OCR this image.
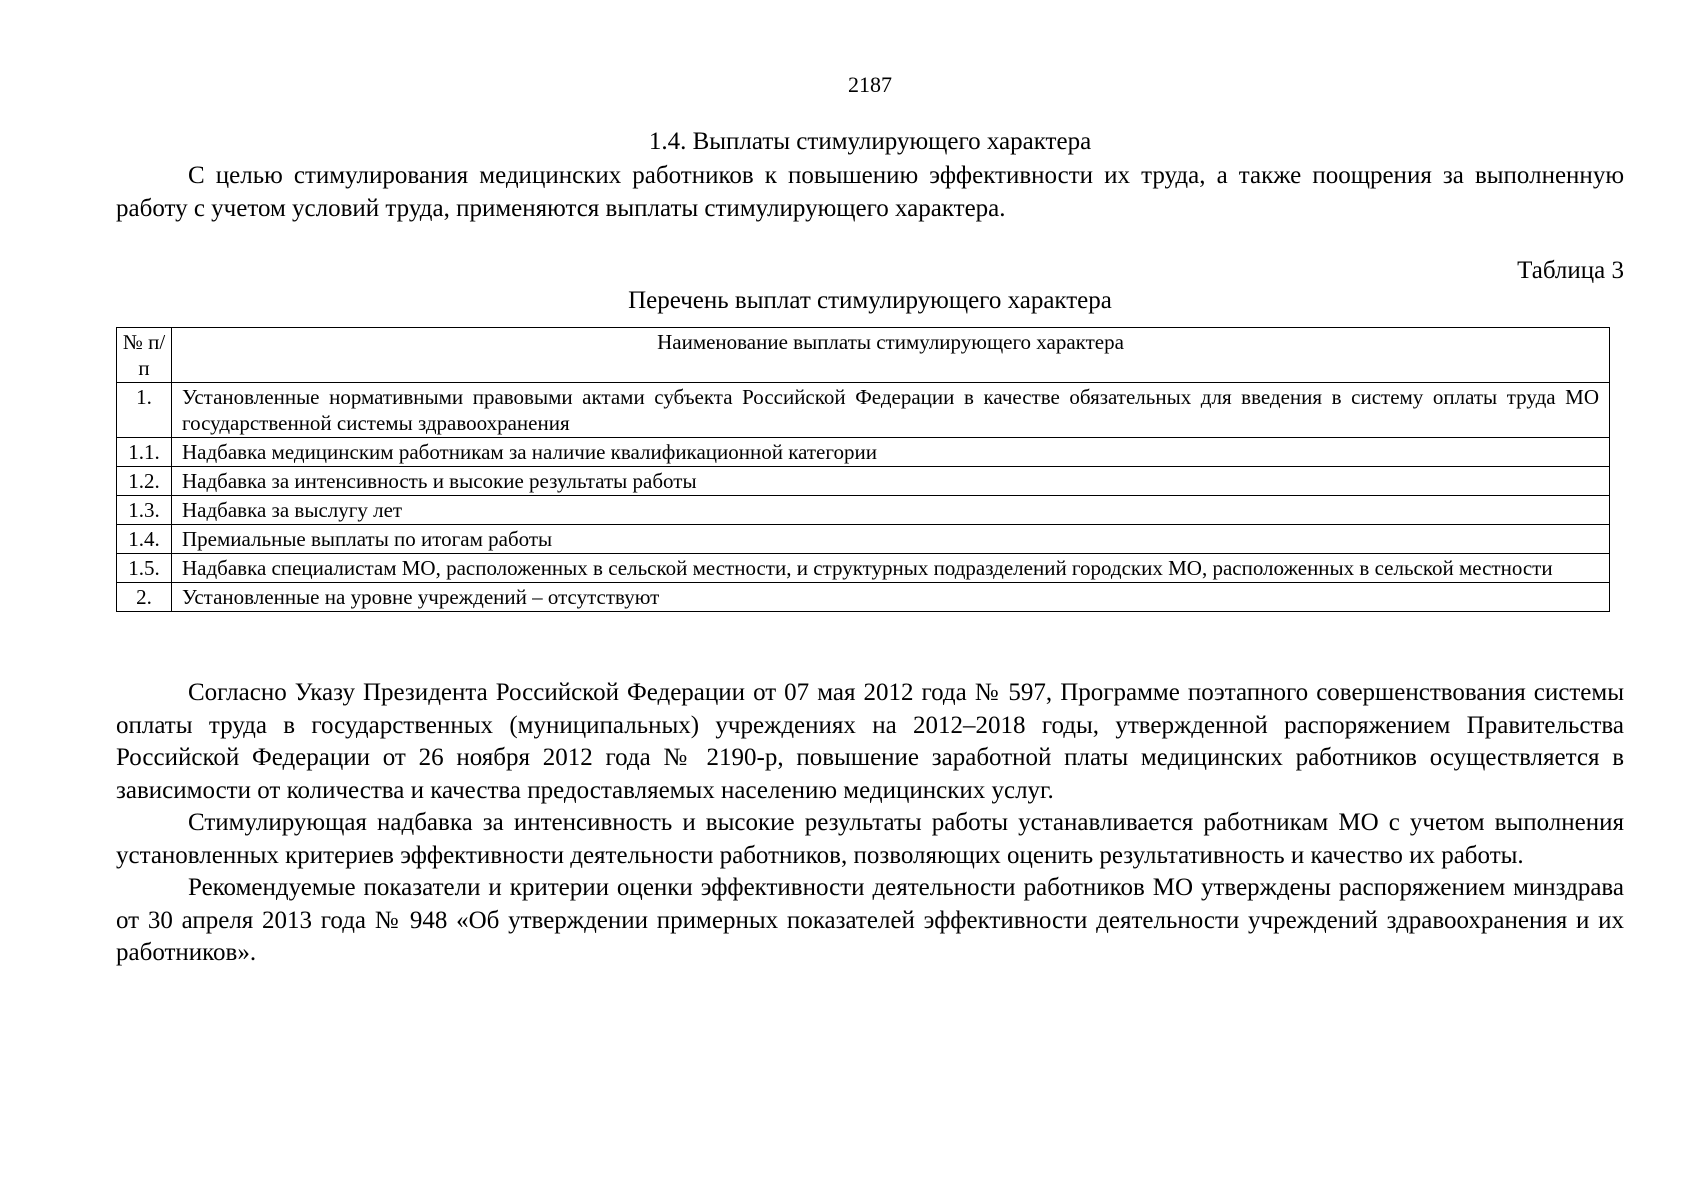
2187
1.4. Выплаты стимулирующего характера

С целью стимулирования медицинских работников к повышению эффективности их труда, а также поощрения за выполненную работу с учетом условий труда, применяются выплаты стимулирующего характера.

Таблица 3
Перечень выплат стимулирующего характера
№ п/п	Наименование выплаты стимулирующего характера
1.	Установленные нормативными правовыми актами субъекта Российской Федерации в качестве обязательных для введения в систему оплаты труда МО государственной системы здравоохранения
1.1.	Надбавка медицинским работникам за наличие квалификационной категории
1.2.	Надбавка за интенсивность и высокие результаты работы
1.3.	Надбавка за выслугу лет
1.4.	Премиальные выплаты по итогам работы
1.5.	Надбавка специалистам МО, расположенных в сельской местности, и структурных подразделений городских МО, расположенных в сельской местности
2.	Установленные на уровне учреждений – отсутствуют

Согласно Указу Президента Российской Федерации от 07 мая 2012 года № 597, Программе поэтапного совершенствования системы оплаты труда в государственных (муниципальных) учреждениях на 2012–2018 годы, утвержденной распоряжением Правительства Российской Федерации от 26 ноября 2012 года № 2190-р, повышение заработной платы медицинских работников осуществляется в зависимости от количества и качества предоставляемых населению медицинских услуг.

Стимулирующая надбавка за интенсивность и высокие результаты работы устанавливается работникам МО с учетом выполнения установленных критериев эффективности деятельности работников, позволяющих оценить результативность и качество их работы.

Рекомендуемые показатели и критерии оценки эффективности деятельности работников МО утверждены распоряжением минздрава от 30 апреля 2013 года № 948 «Об утверждении примерных показателей эффективности деятельности учреждений здравоохранения и их работников».
